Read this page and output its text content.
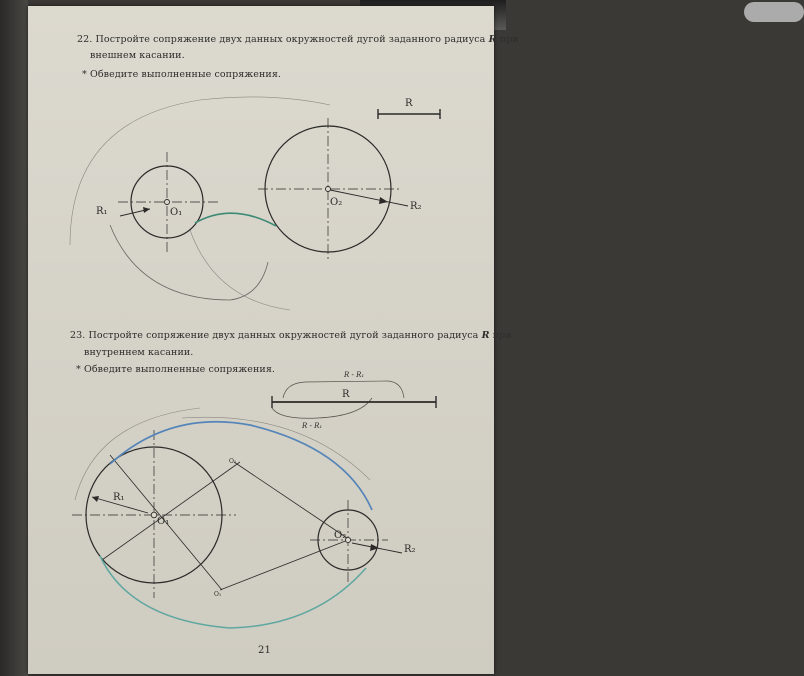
22. Постройте сопряжение двух данных окружностей дугой заданного радиуса R при
внешнем касании.
* Обведите выполненные сопряжения.
23. Постройте сопряжение двух данных окружностей дугой заданного радиуса R при
внутреннем касании.
* Обведите выполненные сопряжения.
21
R₁	O₁
O₂	R₂
R
R₁
O₁
O₂
R₂
R
R - R₁
R - R₁
O₁
O₁
